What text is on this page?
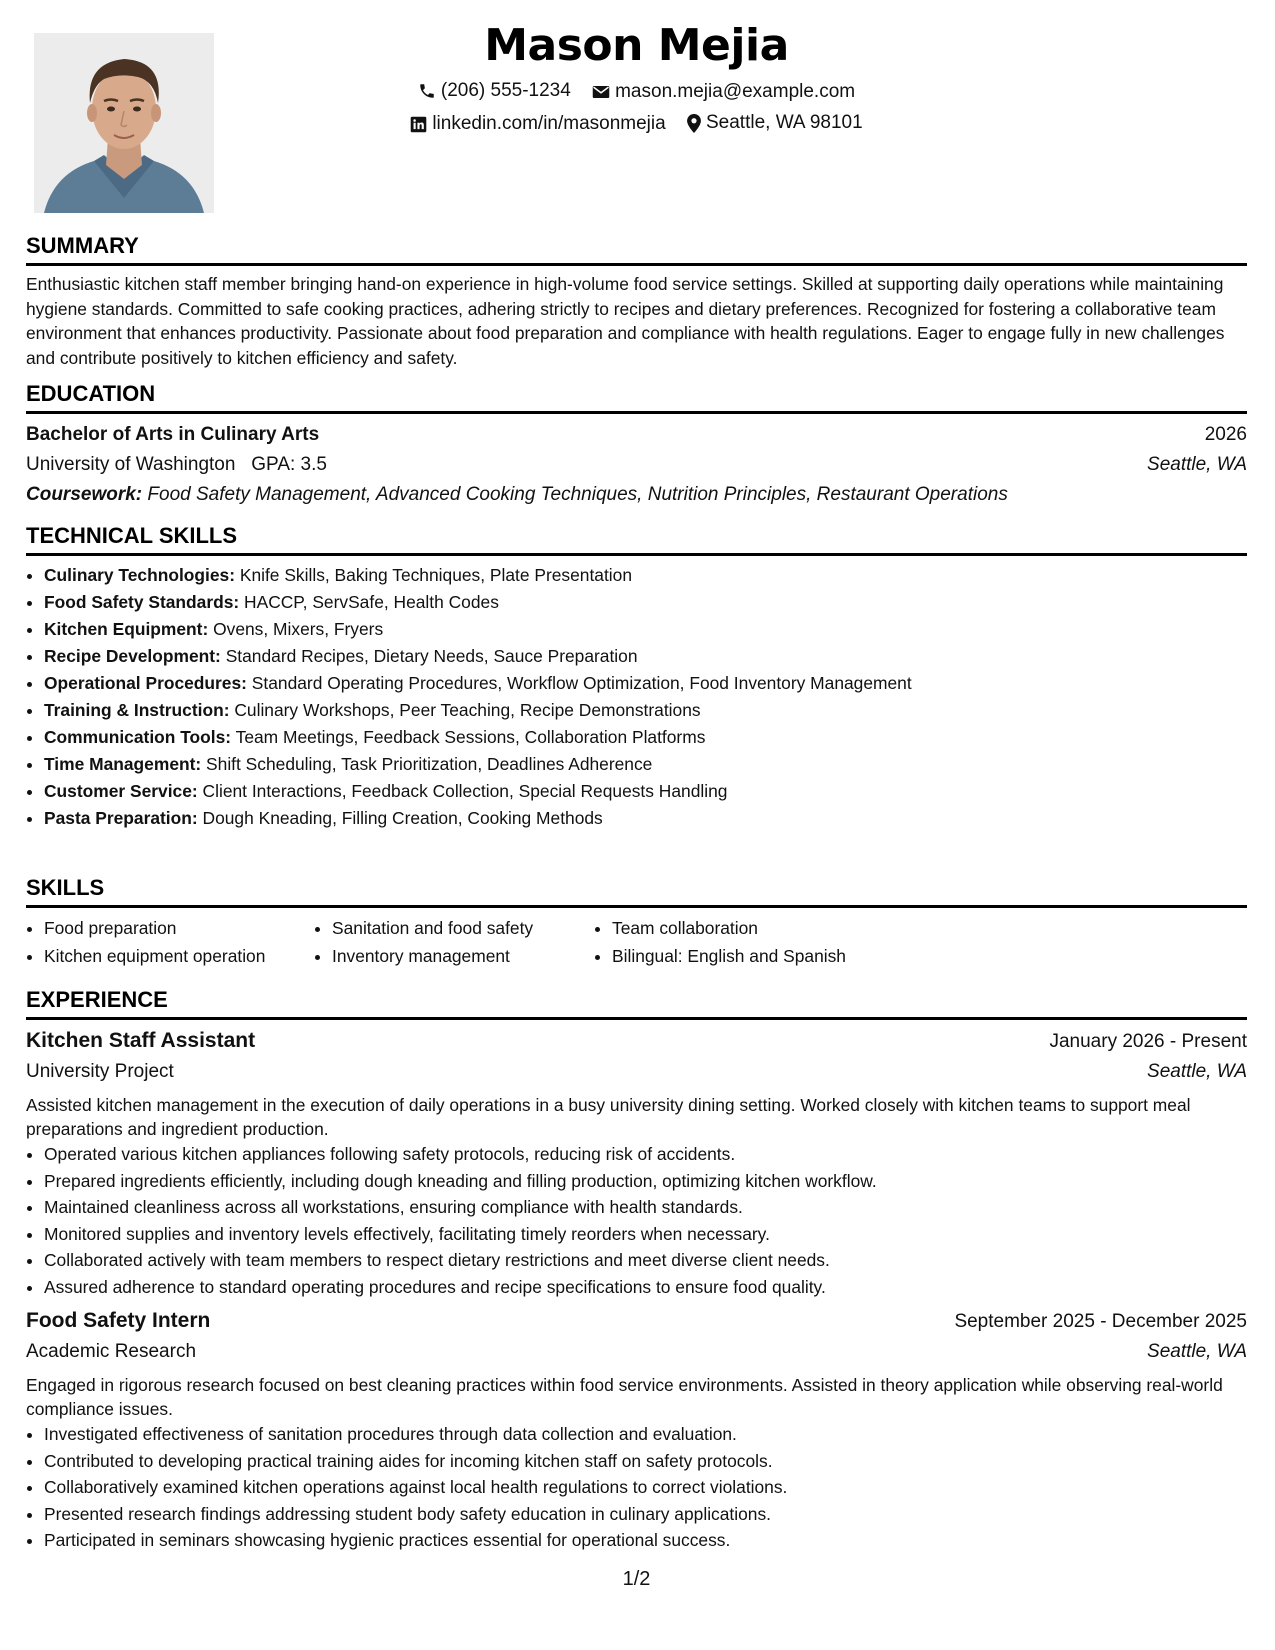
Mason Mejia
(206) 555-1234
mason.mejia@example.com
linkedin.com/in/masonmejia
Seattle, WA 98101
SUMMARY

Enthusiastic kitchen staff member bringing hand-on experience in high-volume food service settings. Skilled at supporting daily operations while maintaining hygiene standards. Committed to safe cooking practices, adhering strictly to recipes and dietary preferences. Recognized for fostering a collaborative team environment that enhances productivity. Passionate about food preparation and compliance with health regulations. Eager to engage fully in new challenges and contribute positively to kitchen efficiency and safety.

EDUCATION
Bachelor of Arts in Culinary Arts	2026
University of Washington GPA: 3.5	Seattle, WA
Coursework: Food Safety Management, Advanced Cooking Techniques, Nutrition Principles, Restaurant Operations
TECHNICAL SKILLS
• Culinary Technologies: Knife Skills, Baking Techniques, Plate Presentation
• Food Safety Standards: HACCP, ServSafe, Health Codes
• Kitchen Equipment: Ovens, Mixers, Fryers
• Recipe Development: Standard Recipes, Dietary Needs, Sauce Preparation
• Operational Procedures: Standard Operating Procedures, Workflow Optimization, Food Inventory Management
• Training & Instruction: Culinary Workshops, Peer Teaching, Recipe Demonstrations
• Communication Tools: Team Meetings, Feedback Sessions, Collaboration Platforms
• Time Management: Shift Scheduling, Task Prioritization, Deadlines Adherence
• Customer Service: Client Interactions, Feedback Collection, Special Requests Handling
• Pasta Preparation: Dough Kneading, Filling Creation, Cooking Methods
SKILLS
• Food preparation
• Kitchen equipment operation
• Sanitation and food safety
• Inventory management
• Team collaboration
• Bilingual: English and Spanish
EXPERIENCE
Kitchen Staff Assistant	January 2026 - Present
University Project	Seattle, WA

Assisted kitchen management in the execution of daily operations in a busy university dining setting. Worked closely with kitchen teams to support meal preparations and ingredient production.

• Operated various kitchen appliances following safety protocols, reducing risk of accidents.
• Prepared ingredients efficiently, including dough kneading and filling production, optimizing kitchen workflow.
• Maintained cleanliness across all workstations, ensuring compliance with health standards.
• Monitored supplies and inventory levels effectively, facilitating timely reorders when necessary.
• Collaborated actively with team members to respect dietary restrictions and meet diverse client needs.
• Assured adherence to standard operating procedures and recipe specifications to ensure food quality.
Food Safety Intern	September 2025 - December 2025
Academic Research	Seattle, WA

Engaged in rigorous research focused on best cleaning practices within food service environments. Assisted in theory application while observing real-world compliance issues.

• Investigated effectiveness of sanitation procedures through data collection and evaluation.
• Contributed to developing practical training aides for incoming kitchen staff on safety protocols.
• Collaboratively examined kitchen operations against local health regulations to correct violations.
• Presented research findings addressing student body safety education in culinary applications.
• Participated in seminars showcasing hygienic practices essential for operational success.
1/2
